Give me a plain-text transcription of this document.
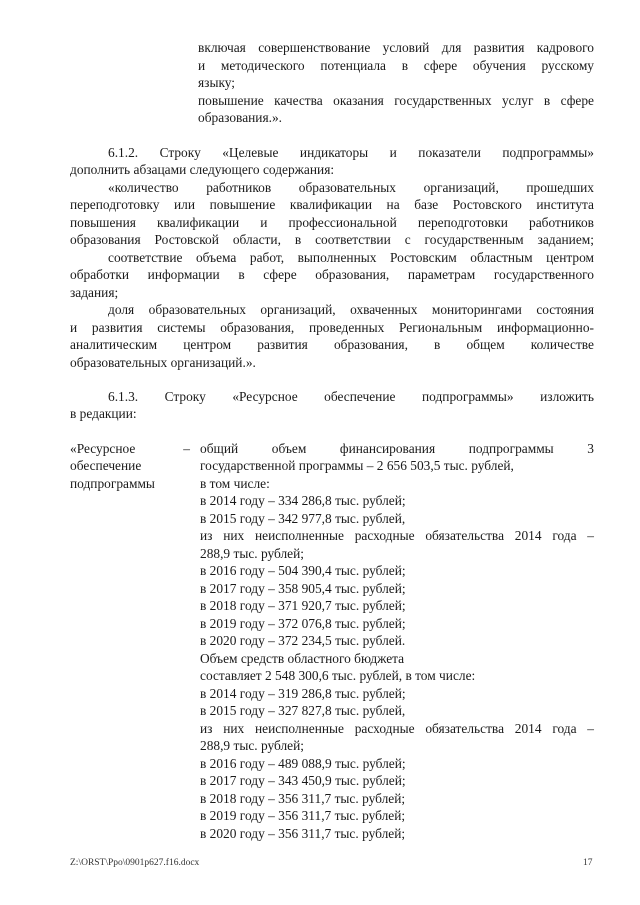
включая совершенствование условий для развития кадрового
и методического потенциала в сфере обучения русскому
языку;
повышение качества оказания государственных услуг в сфере
образования.».
6.1.2. Строку «Целевые индикаторы и показатели подпрограммы»
дополнить абзацами следующего содержания:
«количество работников образовательных организаций, прошедших
переподготовку или повышение квалификации на базе Ростовского института
повышения квалификации и профессиональной переподготовки работников
образования Ростовской области, в соответствии с государственным заданием;
соответствие объема работ, выполненных Ростовским областным центром
обработки информации в сфере образования, параметрам государственного
задания;
доля образовательных организаций, охваченных мониторингами состояния
и развития системы образования, проведенных Региональным информационно-
аналитическим центром развития образования, в общем количестве
образовательных организаций.».
6.1.3. Строку «Ресурсное обеспечение подпрограммы» изложить
в редакции:
«Ресурсное –
обеспечение
подпрограммы
общий объем финансирования подпрограммы 3
государственной программы – 2 656 503,5 тыс. рублей,
в том числе:
в 2014 году – 334 286,8 тыс. рублей;
в 2015 году – 342 977,8 тыс. рублей,
из них неисполненные расходные обязательства 2014 года –
288,9 тыс. рублей;
в 2016 году – 504 390,4 тыс. рублей;
в 2017 году – 358 905,4 тыс. рублей;
в 2018 году – 371 920,7 тыс. рублей;
в 2019 году – 372 076,8 тыс. рублей;
в 2020 году – 372 234,5 тыс. рублей.
Объем средств областного бюджета
составляет 2 548 300,6 тыс. рублей, в том числе:
в 2014 году – 319 286,8 тыс. рублей;
в 2015 году – 327 827,8 тыс. рублей,
из них неисполненные расходные обязательства 2014 года –
288,9 тыс. рублей;
в 2016 году – 489 088,9 тыс. рублей;
в 2017 году – 343 450,9 тыс. рублей;
в 2018 году – 356 311,7 тыс. рублей;
в 2019 году – 356 311,7 тыс. рублей;
в 2020 году – 356 311,7 тыс. рублей;
Z:\ORST\Ppo\0901p627.f16.docx	17
